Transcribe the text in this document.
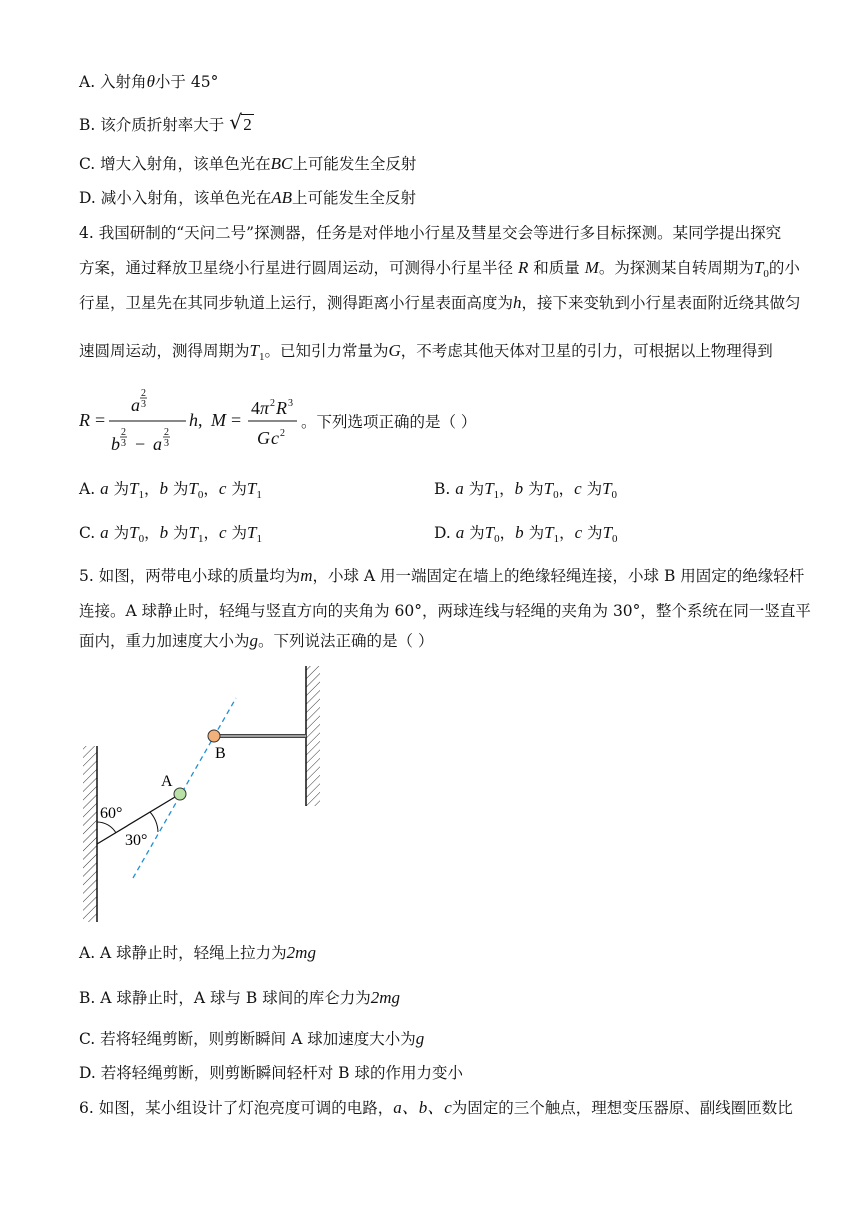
A. 入射角θ小于 45°
B. 该介质折射率大于 √ 2
C. 增大入射角，该单色光在BC上可能发生全反射
D. 减小入射角，该单色光在AB上可能发生全反射
4. 我国研制的“天问二号”探测器，任务是对伴地小行星及彗星交会等进行多目标探测。某同学提出探究
方案，通过释放卫星绕小行星进行圆周运动，可测得小行星半径 R 和质量 M。为探测某自转周期为$T_0$的小
行星，卫星先在其同步轨道上运行，测得距离小行星表面高度为h，接下来变轨到小行星表面附近绕其做匀
速圆周运动，测得周期为$T_1$。已知引力常量为G，不考虑其他天体对卫星的引力，可根据以上物理得到
R =
a
2
3
b
2
3 − a
2
3
h , M =
4 π 2 R 3
G c 2
。下列选项正确的是（ ）
A. a 为$T_1$，b 为$T_0$，c 为$T_1$	B. a 为$T_1$，b 为$T_0$，c 为$T_0$
C. a 为$T_0$，b 为$T_1$，c 为$T_1$	D. a 为$T_0$，b 为$T_1$，c 为$T_0$
5. 如图，两带电小球的质量均为m，小球 A 用一端固定在墙上的绝缘轻绳连接，小球 B 用固定的绝缘轻杆
连接。A 球静止时，轻绳与竖直方向的夹角为 60°，两球连线与轻绳的夹角为 30°，整个系统在同一竖直平
面内，重力加速度大小为g。下列说法正确的是（ ）
A
B
60°
30°
A. A 球静止时，轻绳上拉力为2mg
B. A 球静止时，A 球与 B 球间的库仑力为2mg
C. 若将轻绳剪断，则剪断瞬间 A 球加速度大小为g
D. 若将轻绳剪断，则剪断瞬间轻杆对 B 球的作用力变小
6. 如图，某小组设计了灯泡亮度可调的电路，a、b、c为固定的三个触点，理想变压器原、副线圈匝数比
